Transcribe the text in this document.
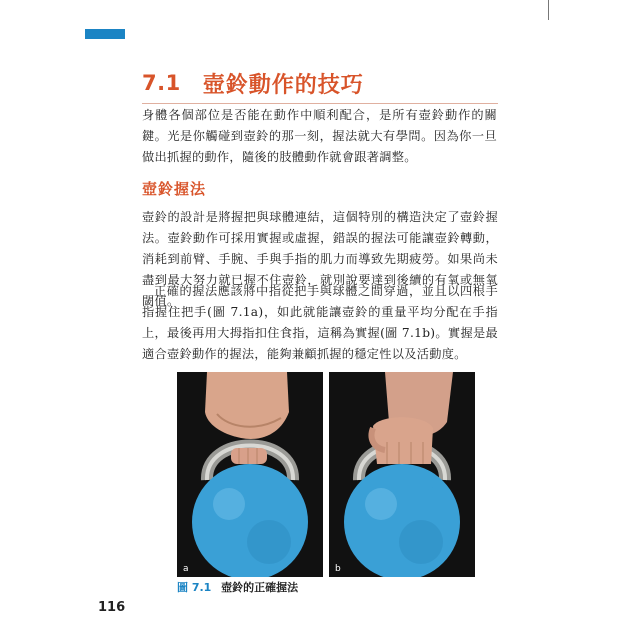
7.1 壺鈴動作的技巧

身體各個部位是否能在動作中順利配合，是所有壺鈴動作的關鍵。光是你觸碰到壺鈴的那一刻，握法就大有學問。因為你一旦做出抓握的動作，隨後的肢體動作就會跟著調整。

壺鈴握法

壺鈴的設計是將握把與球體連結，這個特別的構造決定了壺鈴握法。壺鈴動作可採用實握或虛握，錯誤的握法可能讓壺鈴轉動，消耗到前臂、手腕、手與手指的肌力而導致先期疲勞。如果尚未盡到最大努力就已握不住壺鈴，就別說要達到後續的有氧或無氧閾值。

正確的握法應該將中指從把手與球體之間穿過，並且以四根手指握住把手(圖 7.1a)，如此就能讓壺鈴的重量平均分配在手指上，最後再用大拇指扣住食指，這稱為實握(圖 7.1b)。實握是最適合壺鈴動作的握法，能夠兼顧抓握的穩定性以及活動度。

a	b
圖 7.1 壺鈴的正確握法
116
